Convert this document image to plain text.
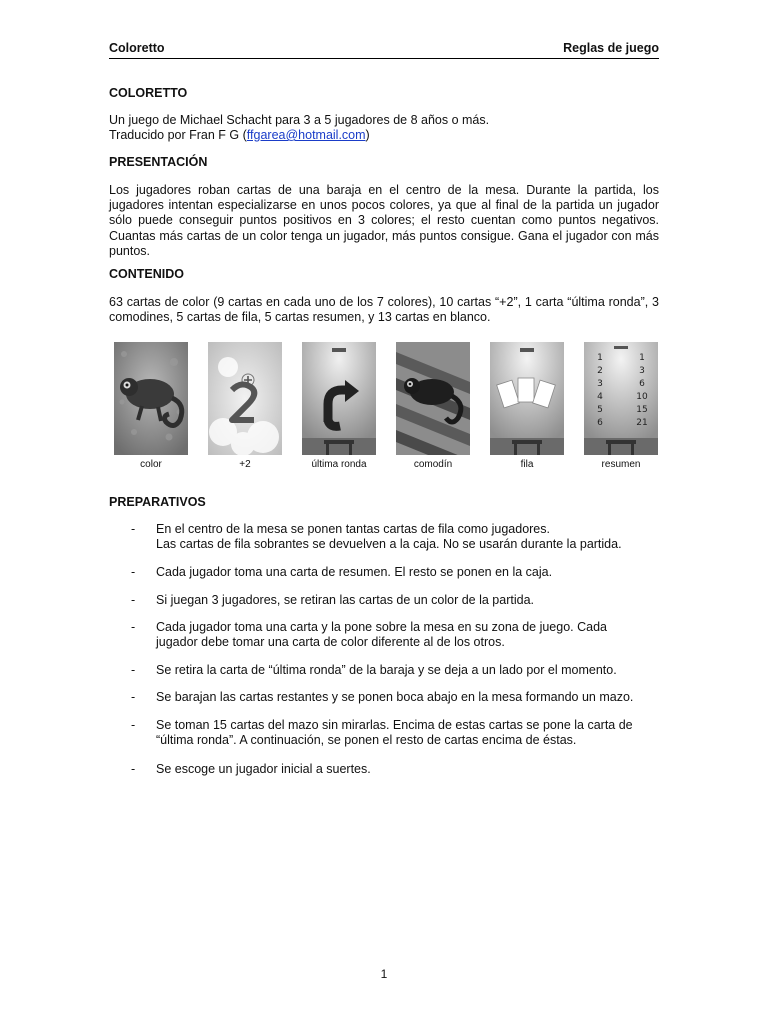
Coloretto	Reglas de juego
COLORETTO
Un juego de Michael Schacht para 3 a 5 jugadores de 8 años o más.
Traducido por Fran F G (ffgarea@hotmail.com)
PRESENTACIÓN
Los jugadores roban cartas de una baraja en el centro de la mesa. Durante la partida, los jugadores intentan especializarse en unos pocos colores, ya que al final de la partida un jugador sólo puede conseguir puntos positivos en 3 colores; el resto cuentan como puntos negativos. Cuantas más cartas de un color tenga un jugador, más puntos consigue. Gana el jugador con más puntos.
CONTENIDO
63 cartas de color (9 cartas en cada uno de los 7 colores), 10 cartas “+2”, 1 carta “última ronda”, 3 comodines, 5 cartas de fila, 5 cartas resumen, y 13 cartas en blanco.
color	+2	última ronda	comodín	fila
1
2
3
4
5
6
1
3
6
10
15
21
resumen
PREPARATIVOS
- En el centro de la mesa se ponen tantas cartas de fila como jugadores.
Las cartas de fila sobrantes se devuelven a la caja. No se usarán durante la partida.
- Cada jugador toma una carta de resumen. El resto se ponen en la caja.
- Si juegan 3 jugadores, se retiran las cartas de un color de la partida.
- Cada jugador toma una carta y la pone sobre la mesa en su zona de juego. Cada
jugador debe tomar una carta de color diferente al de los otros.
- Se retira la carta de “última ronda” de la baraja y se deja a un lado por el momento.
- Se barajan las cartas restantes y se ponen boca abajo en la mesa formando un mazo.
- Se toman 15 cartas del mazo sin mirarlas. Encima de estas cartas se pone la carta de
“última ronda”. A continuación, se ponen el resto de cartas encima de éstas.
- Se escoge un jugador inicial a suertes.
1
